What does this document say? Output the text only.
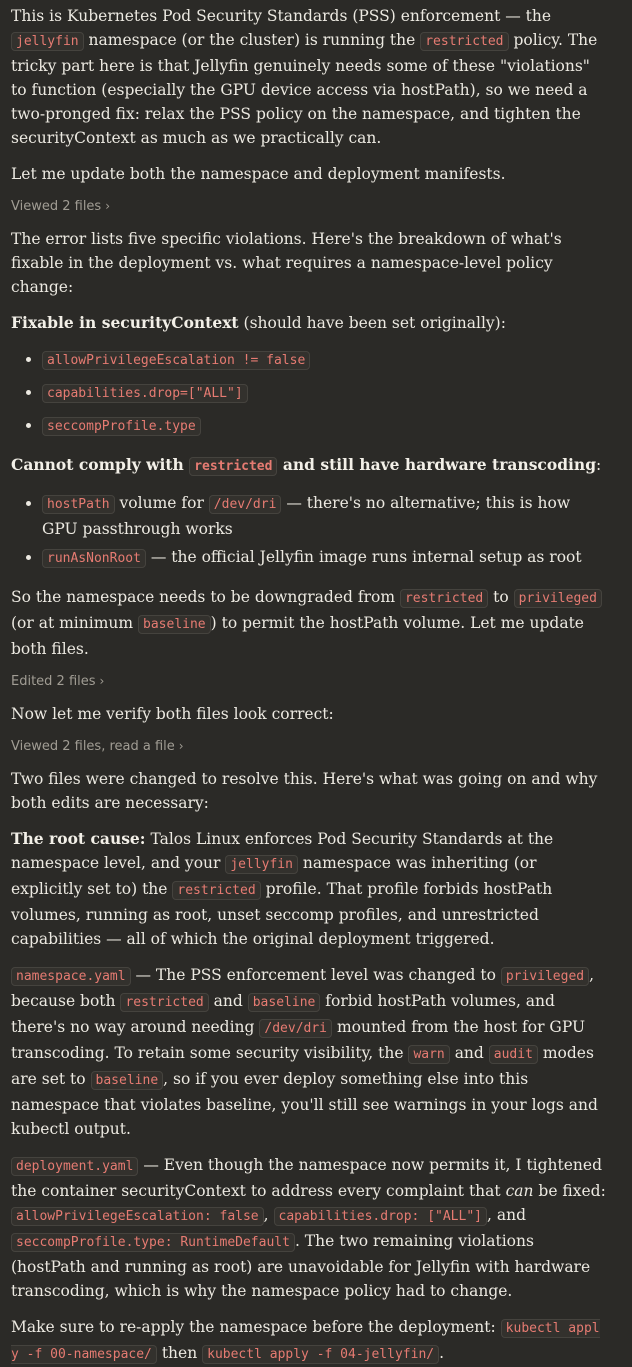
This is Kubernetes Pod Security Standards (PSS) enforcement — the jellyfin namespace (or the cluster) is running the restricted policy. The tricky part here is that Jellyfin genuinely needs some of these "violations" to function (especially the GPU device access via hostPath), so we need a two-pronged fix: relax the PSS policy on the namespace, and tighten the securityContext as much as we practically can.

Let me update both the namespace and deployment manifests.

Viewed 2 files ›

The error lists five specific violations. Here's the breakdown of what's fixable in the deployment vs. what requires a namespace-level policy change:

Fixable in securityContext (should have been set originally):

• allowPrivilegeEscalation != false
• capabilities.drop=["ALL"]
• seccompProfile.type

Cannot comply with restricted and still have hardware transcoding:

• hostPath volume for /dev/dri — there's no alternative; this is how GPU passthrough works
• runAsNonRoot — the official Jellyfin image runs internal setup as root

So the namespace needs to be downgraded from restricted to privileged (or at minimum baseline ) to permit the hostPath volume. Let me update both files.

Edited 2 files ›

Now let me verify both files look correct:

Viewed 2 files, read a file ›

Two files were changed to resolve this. Here's what was going on and why both edits are necessary:

The root cause: Talos Linux enforces Pod Security Standards at the namespace level, and your jellyfin namespace was inheriting (or explicitly set to) the restricted profile. That profile forbids hostPath volumes, running as root, unset seccomp profiles, and unrestricted capabilities — all of which the original deployment triggered.

namespace.yaml — The PSS enforcement level was changed to privileged , because both restricted and baseline forbid hostPath volumes, and there's no way around needing /dev/dri mounted from the host for GPU transcoding. To retain some security visibility, the warn and audit modes are set to baseline , so if you ever deploy something else into this namespace that violates baseline, you'll still see warnings in your logs and kubectl output.

deployment.yaml — Even though the namespace now permits it, I tightened the container securityContext to address every complaint that can be fixed: allowPrivilegeEscalation: false , capabilities.drop: ["ALL"] , and seccompProfile.type: RuntimeDefault . The two remaining violations (hostPath and running as root) are unavoidable for Jellyfin with hardware transcoding, which is why the namespace policy had to change.

Make sure to re-apply the namespace before the deployment: kubectl apply -f 00-namespace/ then kubectl apply -f 04-jellyfin/ .
